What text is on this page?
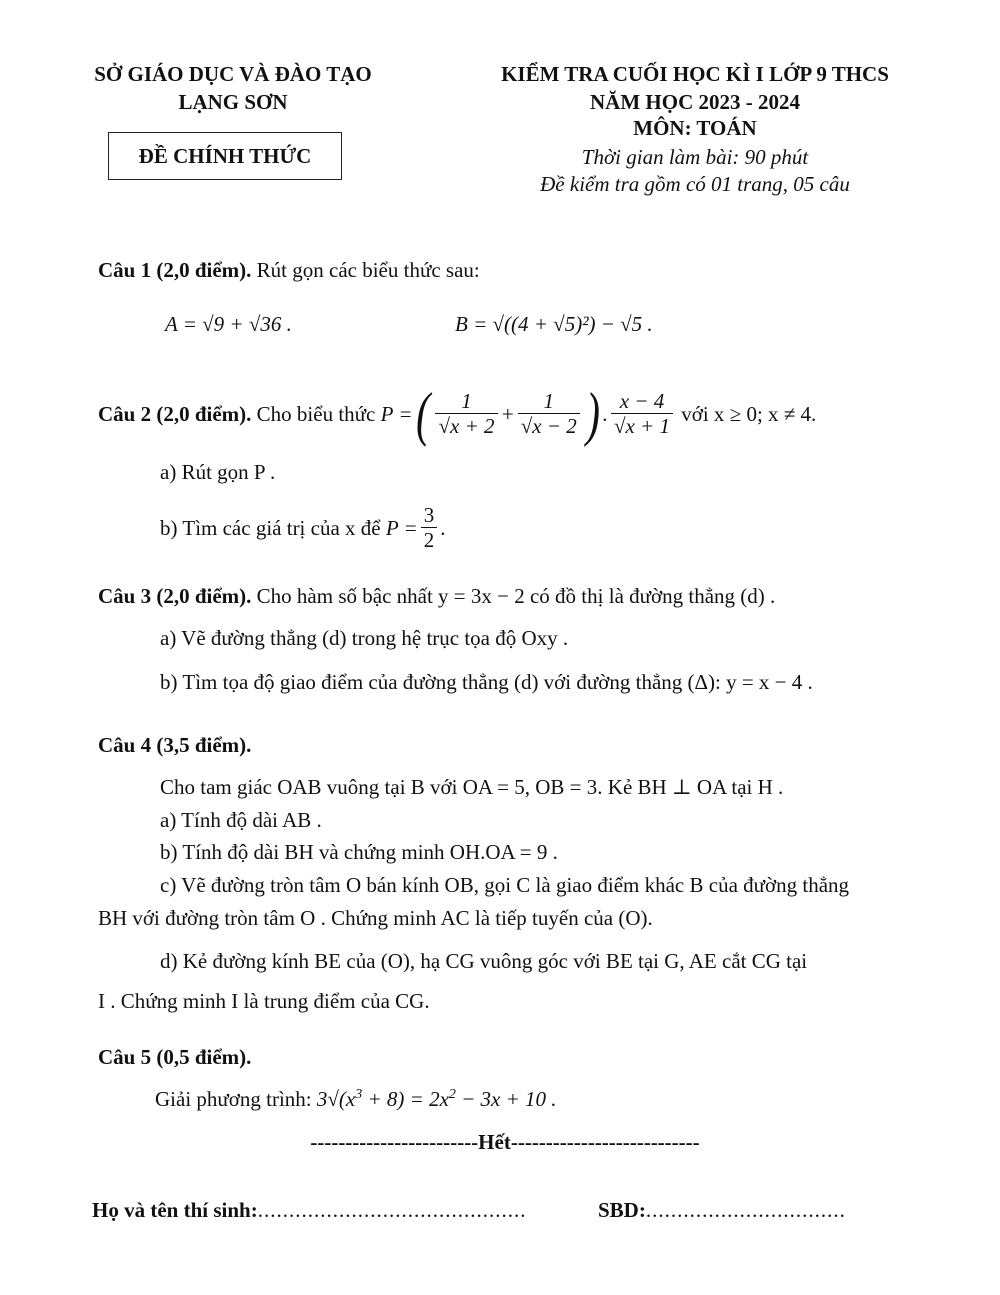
SỞ GIÁO DỤC VÀ ĐÀO TẠO
LẠNG SƠN
ĐỀ CHÍNH THỨC
KIỂM TRA CUỐI HỌC KÌ I LỚP 9 THCS
NĂM HỌC 2023 - 2024
MÔN: TOÁN
Thời gian làm bài: 90 phút
Đề kiểm tra gồm có 01 trang, 05 câu
Câu 1 (2,0 điểm). Rút gọn các biểu thức sau:
A = √9 + √36 .	B = √((4 + √5)²) − √5 .
Câu 2 (2,0 điểm). Cho biểu thức P = ( $\frac{1}{√x + 2} + \frac{1}{√x - 2}$ ) . $\frac{x - 4}{√x + 1}$ với x ≥ 0; x ≠ 4.
a) Rút gọn P .
b) Tìm các giá trị của x để $P = \frac{3}{2}$ .
Câu 3 (2,0 điểm). Cho hàm số bậc nhất y = 3x − 2 có đồ thị là đường thẳng (d) .
a) Vẽ đường thẳng (d) trong hệ trục tọa độ Oxy .
b) Tìm tọa độ giao điểm của đường thẳng (d) với đường thẳng (Δ): y = x − 4 .
Câu 4 (3,5 điểm).
Cho tam giác OAB vuông tại B với OA = 5, OB = 3. Kẻ BH ⊥ OA tại H .
a) Tính độ dài AB .
b) Tính độ dài BH và chứng minh OH.OA = 9 .
c) Vẽ đường tròn tâm O bán kính OB, gọi C là giao điểm khác B của đường thẳng
BH với đường tròn tâm O . Chứng minh AC là tiếp tuyến của (O).
d) Kẻ đường kính BE của (O), hạ CG vuông góc với BE tại G, AE cắt CG tại
I . Chứng minh I là trung điểm của CG.
Câu 5 (0,5 điểm).
Giải phương trình: $3√(x^3 + 8) = 2x^2 - 3x + 10$ .
------------------------Hết---------------------------
Họ và tên thí sinh:...........................................	SBD:................................
